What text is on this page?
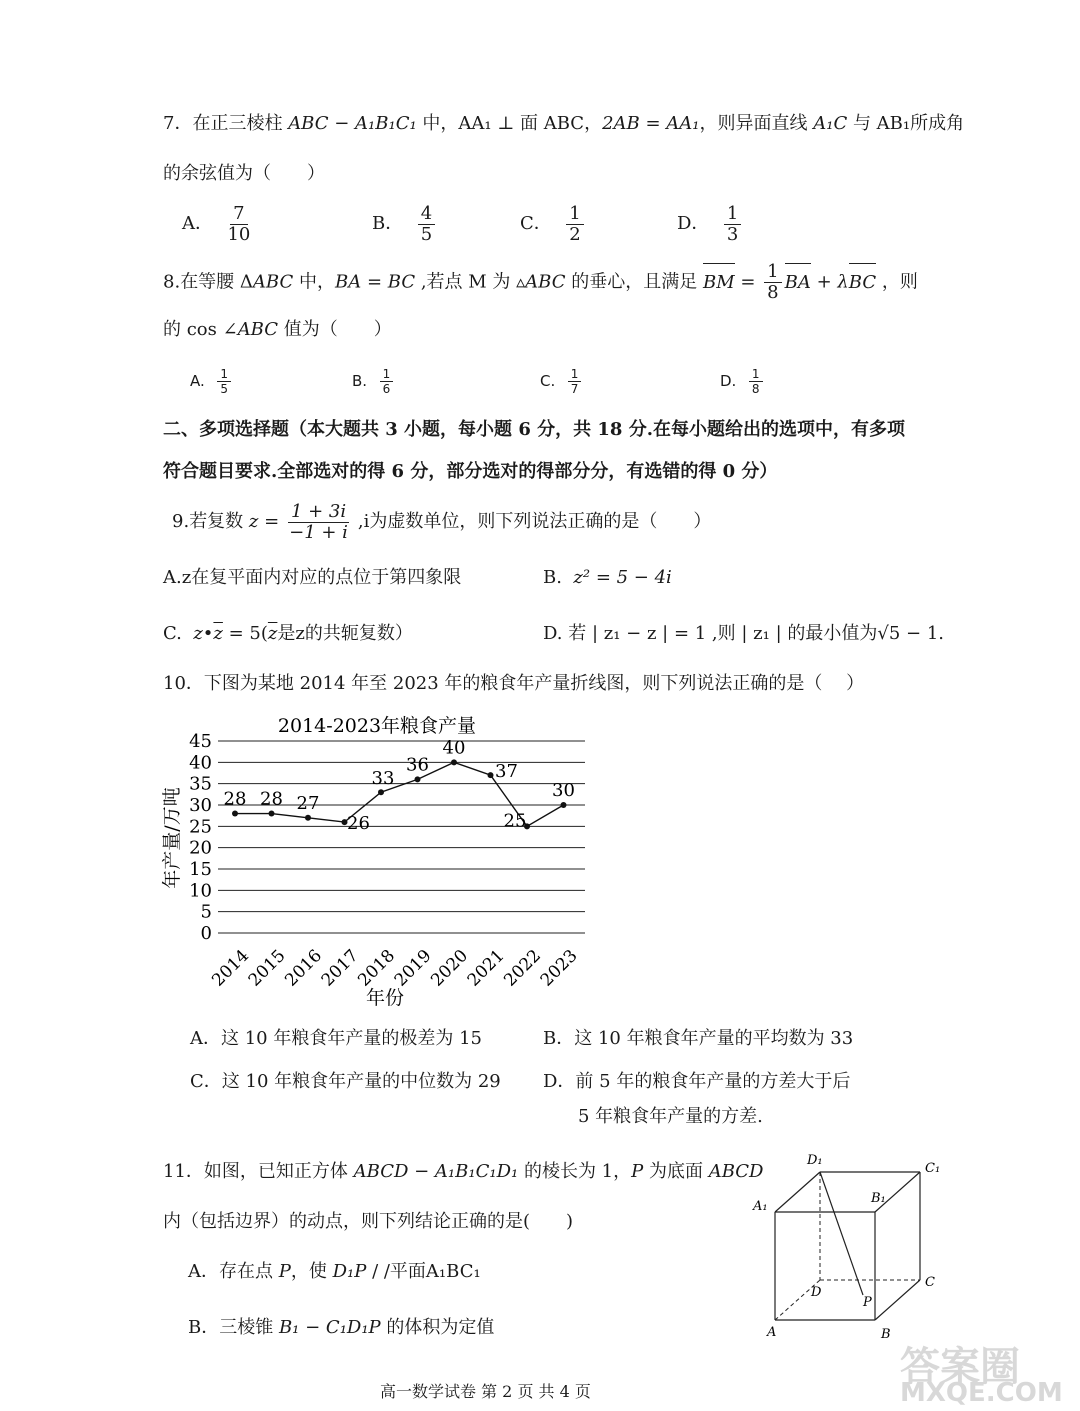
7．在正三棱柱 ABC − A₁B₁C₁ 中，AA₁ ⊥ 面 ABC，2AB = AA₁，则异面直线 A₁C 与 AB₁所成角
的余弦值为（　　）
A． $\frac{7}{10}$	B． $\frac{4}{5}$	C． $\frac{1}{2}$	D． $\frac{1}{3}$
8.在等腰 ΔABC 中，BA = BC ,若点 M 为 ▵ABC 的垂心，且满足 BM = $\frac{1}{8}$ BA + λBC ，则
的 cos ∠ABC 值为（　　）
A. $\frac{1}{5}$	B. $\frac{1}{6}$	C. $\frac{1}{7}$	D. $\frac{1}{8}$
二、多项选择题（本大题共 3 小题，每小题 6 分，共 18 分.在每小题给出的选项中，有多项
符合题目要求.全部选对的得 6 分，部分选对的得部分分，有选错的得 0 分）
9.若复数 $z = \frac{1 + 3i}{-1 + i} ,i$为虚数单位，则下列说法正确的是（　　）
A.z在复平面内对应的点位于第四象限	B. z² = 5 − 4i
C. $z•\overline{z} = 5(\overline{z}$是z的共轭复数）	D. 若 | z₁ − z | = 1 ,则 | z₁ | 的最小值为√5 − 1.
10．下图为某地 2014 年至 2023 年的粮食年产量折线图，则下列说法正确的是（　 ）
2014-2023年粮食产量
0
5
10
15
20
25
30
35
40
45
2014
2015
2016
2017
2018
2019
2020
2021
2022
2023
28 28 27
26
33
36
40
37
25
30
年产量/万吨
年份
A．这 10 年粮食年产量的极差为 15	B．这 10 年粮食年产量的平均数为 33
C．这 10 年粮食年产量的中位数为 29 D．前 5 年的粮食年产量的方差大于后
5 年粮食年产量的方差.
11．如图，已知正方体 ABCD − A₁B₁C₁D₁ 的棱长为 1，P 为底面 ABCD
内（包括边界）的动点，则下列结论正确的是(　　)
A．存在点 P，使 D₁P / /平面A₁BC₁
B．三棱锥 B₁ − C₁D₁P 的体积为定值
D₁
C₁
A₁
B₁
D
C
P
A	B
答案圈
MXQE.COM
高一数学试卷 第 2 页 共 4 页
